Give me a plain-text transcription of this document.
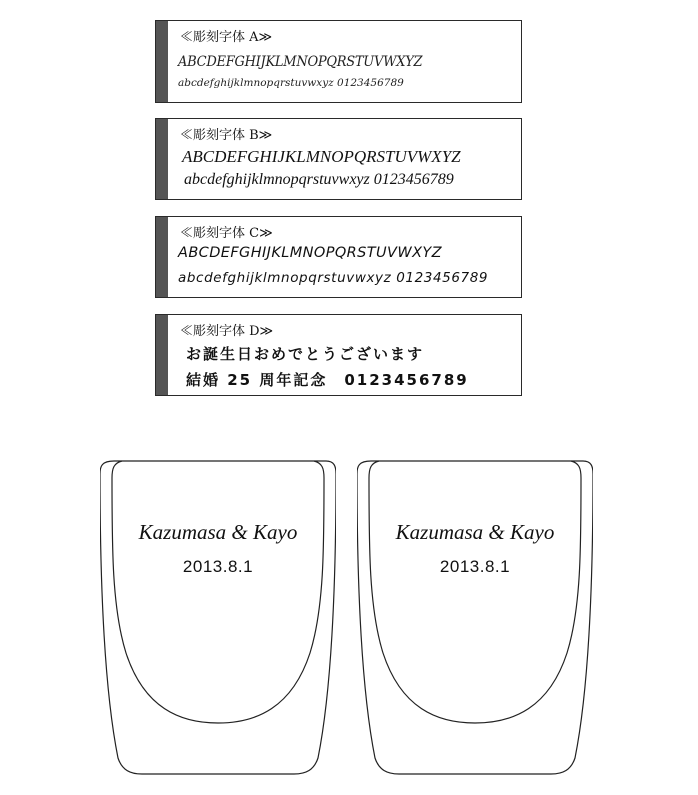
≪彫刻字体 A≫
ABCDEFGHIJKLMNOPQRSTUVWXYZ
abcdefghijklmnopqrstuvwxyz 0123456789
≪彫刻字体 B≫
ABCDEFGHIJKLMNOPQRSTUVWXYZ
abcdefghijklmnopqrstuvwxyz 0123456789
≪彫刻字体 C≫
ABCDEFGHIJKLMNOPQRSTUVWXYZ
abcdefghijklmnopqrstuvwxyz 0123456789
≪彫刻字体 D≫
お誕生日おめでとうございます
結婚 25 周年記念　0123456789
Kazumasa & Kayo
2013.8.1
Kazumasa & Kayo
2013.8.1
